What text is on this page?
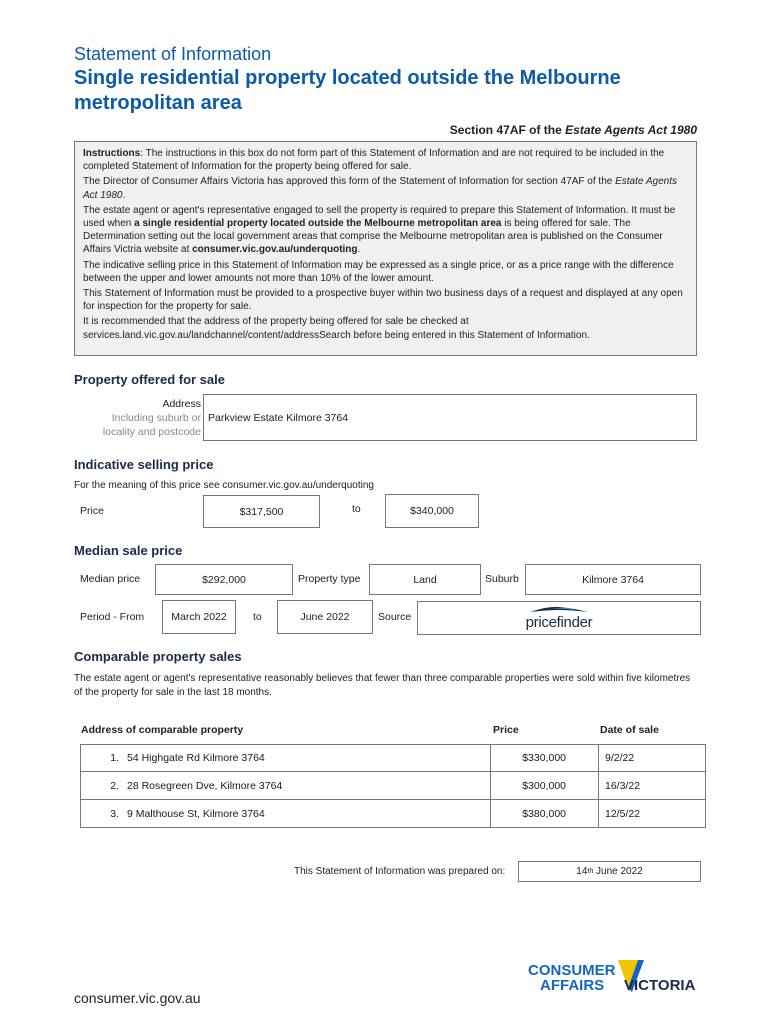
Statement of Information
Single residential property located outside the Melbourne metropolitan area
Section 47AF of the Estate Agents Act 1980

Instructions: The instructions in this box do not form part of this Statement of Information and are not required to be included in the completed Statement of Information for the property being offered for sale.

The Director of Consumer Affairs Victoria has approved this form of the Statement of Information for section 47AF of the Estate Agents Act 1980.

The estate agent or agent's representative engaged to sell the property is required to prepare this Statement of Information. It must be used when a single residential property located outside the Melbourne metropolitan area is being offered for sale. The Determination setting out the local government areas that comprise the Melbourne metropolitan area is published on the Consumer Affairs Victria website at consumer.vic.gov.au/underquoting.

The indicative selling price in this Statement of Information may be expressed as a single price, or as a price range with the difference between the upper and lower amounts not more than 10% of the lower amount.

This Statement of Information must be provided to a prospective buyer within two business days of a request and displayed at any open for inspection for the property for sale.

It is recommended that the address of the property being offered for sale be checked at services.land.vic.gov.au/landchannel/content/addressSearch before being entered in this Statement of Information.

Property offered for sale
Address
Including suburb or
locality and postcode
Parkview Estate Kilmore 3764
Indicative selling price
For the meaning of this price see consumer.vic.gov.au/underquoting
Price	$317,500	to	$340,000
Median sale price
Median price	$292,000	Property type	Land	Suburb	Kilmore 3764
Period - From	March 2022	to	June 2022	Source	pricefinder
Comparable property sales
The estate agent or agent's representative reasonably believes that fewer than three comparable properties were sold within five kilometres of the property for sale in the last 18 months.
Address of comparable property	Price	Date of sale
1. 54 Highgate Rd Kilmore 3764	$330,000	9/2/22
2. 28 Rosegreen Dve, Kilmore 3764	$300,000	16/3/22
3. 9 Malthouse St, Kilmore 3764	$380,000	12/5/22
This Statement of Information was prepared on:	14 th June 2022
consumer.vic.gov.au
CONSUMER
AFFAIRS VICTORIA
